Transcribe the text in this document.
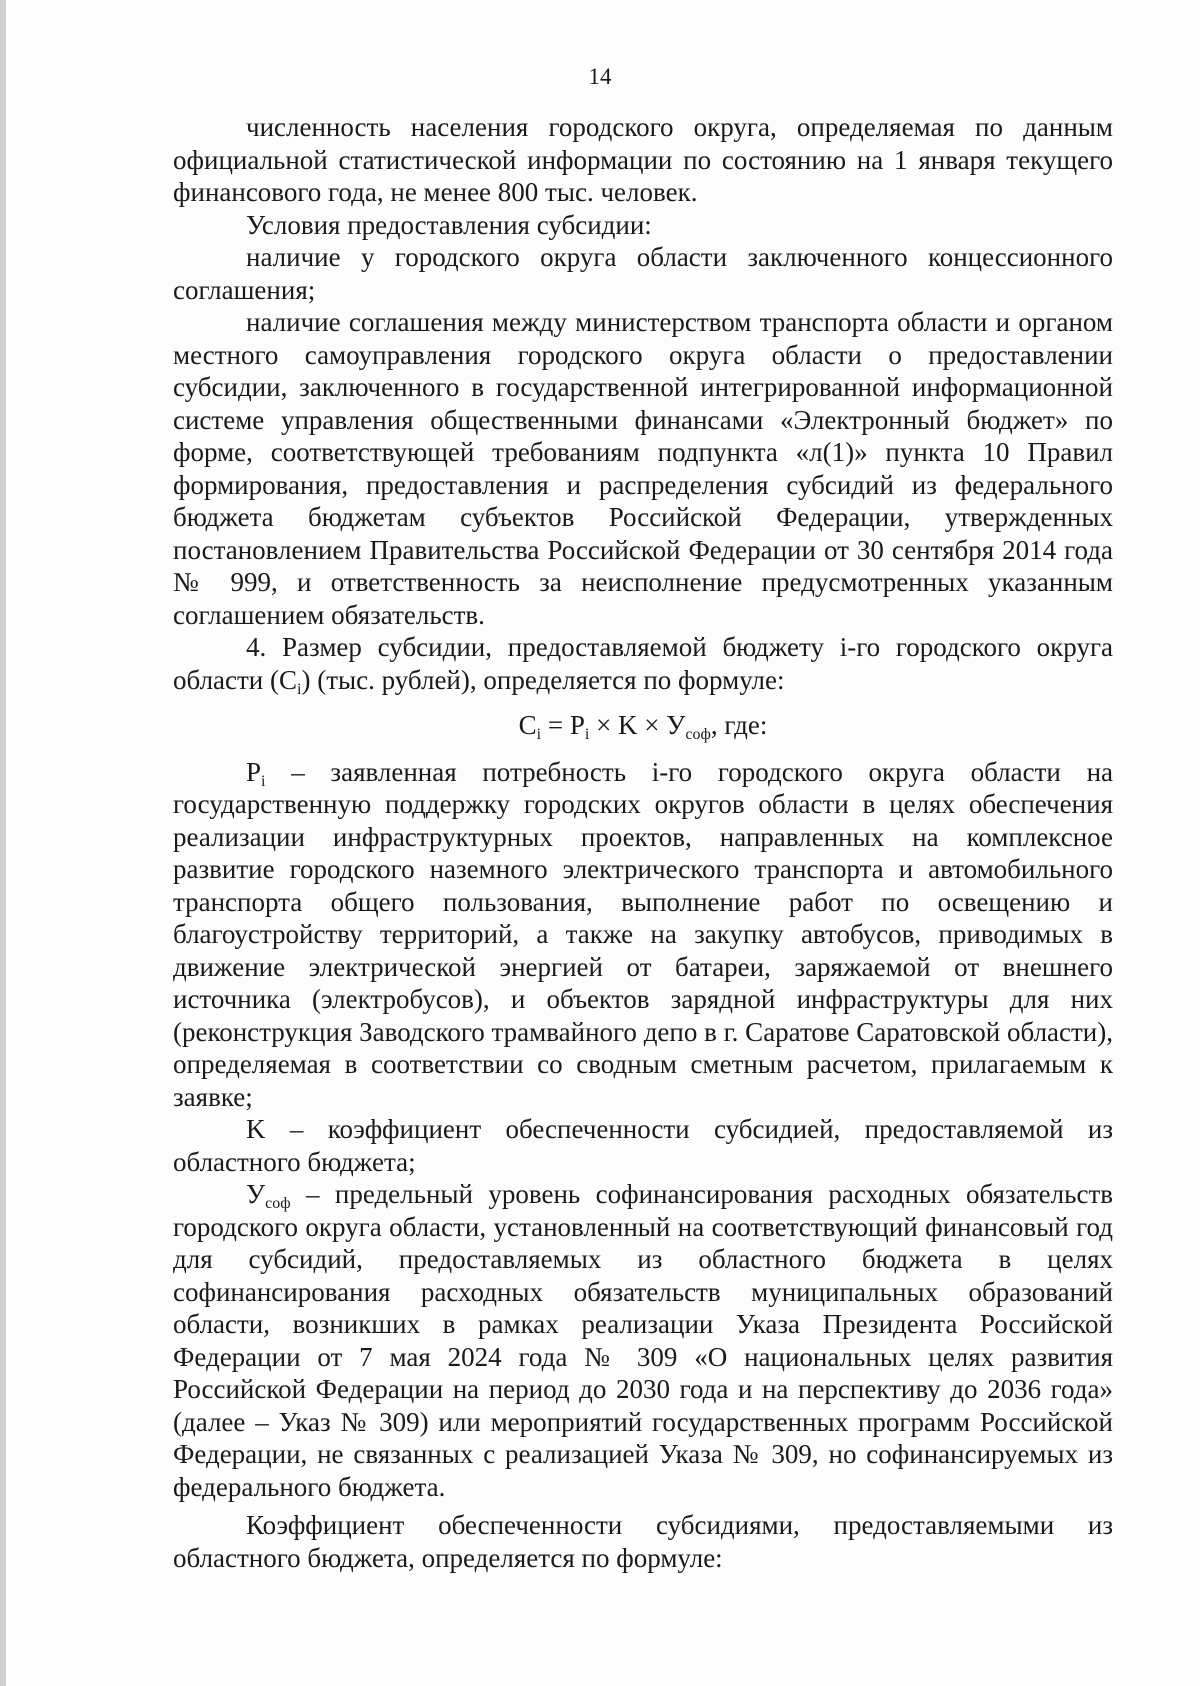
14

численность населения городского округа, определяемая по данным официальной статистической информации по состоянию на 1 января текущего финансового года, не менее 800 тыс. человек.

Условия предоставления субсидии:

наличие у городского округа области заключенного концессионного соглашения;

наличие соглашения между министерством транспорта области и органом местного самоуправления городского округа области о предоставлении субсидии, заключенного в государственной интегрированной информационной системе управления общественными финансами «Электронный бюджет» по форме, соответствующей требованиям подпункта «л(1)» пункта 10 Правил формирования, предоставления и распределения субсидий из федерального бюджета бюджетам субъектов Российской Федерации, утвержденных постановлением Правительства Российской Федерации от 30 сентября 2014 года № 999, и ответственность за неисполнение предусмотренных указанным соглашением обязательств.

4. Размер субсидии, предоставляемой бюджету i-го городского округа области $(C_i)$ (тыс. рублей), определяется по формуле:

$C_i = P_i \times K \times У_{соф}$, где:

$P_i$ – заявленная потребность i-го городского округа области на государственную поддержку городских округов области в целях обеспечения реализации инфраструктурных проектов, направленных на комплексное развитие городского наземного электрического транспорта и автомобильного транспорта общего пользования, выполнение работ по освещению и благоустройству территорий, а также на закупку автобусов, приводимых в движение электрической энергией от батареи, заряжаемой от внешнего источника (электробусов), и объектов зарядной инфраструктуры для них (реконструкция Заводского трамвайного депо в г. Саратове Саратовской области), определяемая в соответствии со сводным сметным расчетом, прилагаемым к заявке;

K – коэффициент обеспеченности субсидией, предоставляемой из областного бюджета;

$У_{соф}$ – предельный уровень софинансирования расходных обязательств городского округа области, установленный на соответствующий финансовый год для субсидий, предоставляемых из областного бюджета в целях софинансирования расходных обязательств муниципальных образований области, возникших в рамках реализации Указа Президента Российской Федерации от 7 мая 2024 года № 309 «О национальных целях развития Российской Федерации на период до 2030 года и на перспективу до 2036 года» (далее – Указ № 309) или мероприятий государственных программ Российской Федерации, не связанных с реализацией Указа № 309, но софинансируемых из федерального бюджета.

Коэффициент обеспеченности субсидиями, предоставляемыми из областного бюджета, определяется по формуле:
